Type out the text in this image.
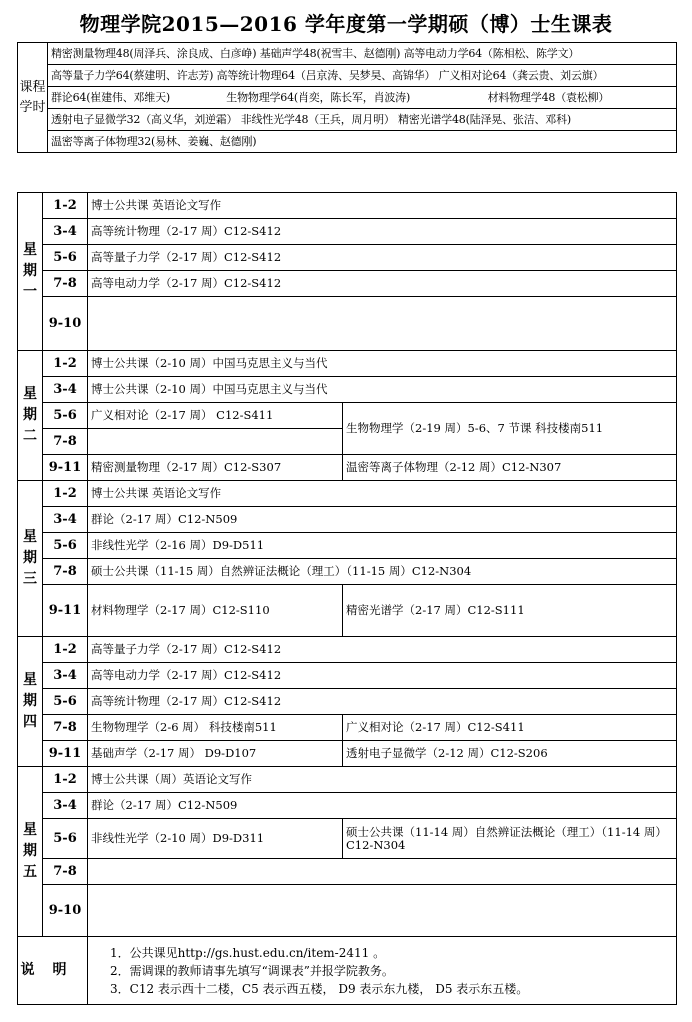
物理学院2015—2016 学年度第一学期硕（博）士生课表
课程学时	精密测量物理48(周泽兵、涂良成、白彦峥) 基础声学48(祝雪丰、赵德刚) 高等电动力学64（陈相松、陈学文）
高等量子力学64(蔡建明、许志芳) 高等统计物理64（吕京涛、吴梦昊、高锦华） 广义相对论64（龚云贵、刘云旗）
群论64(崔建伟、邓维天)	生物物理学64(肖奕，陈长军，肖波涛)	材料物理学48（袁松柳）
透射电子显微学32（高义华，刘逆霜） 非线性光学48（王兵，周月明） 精密光谱学48(陆泽晃、张洁、邓科)
温密等离子体物理32(易林、姜巍、赵德刚)
星期一	1-2	博士公共课 英语论文写作	
	3-4	高等统计物理（2-17 周）C12-S412	
	5-6	高等量子力学（2-17 周）C12-S412	
	7-8	高等电动力学（2-17 周）C12-S412	
	9-10		
星期二	1-2	博士公共课（2-10 周）中国马克思主义与当代	
	3-4	博士公共课（2-10 周）中国马克思主义与当代	
	5-6	广义相对论（2-17 周） C12-S411	生物物理学（2-19 周）5-6、7 节课 科技楼南511
	7-8		
	9-11	精密测量物理（2-17 周）C12-S307	温密等离子体物理（2-12 周）C12-N307
星期三	1-2	博士公共课 英语论文写作	
	3-4	群论（2-17 周）C12-N509	
	5-6	非线性光学（2-16 周）D9-D511	
	7-8	硕士公共课（11-15 周）自然辨证法概论（理工）（11-15 周）C12-N304	
	9-11	材料物理学（2-17 周）C12-S110	精密光谱学（2-17 周）C12-S111
星期四	1-2	高等量子力学（2-17 周）C12-S412	
	3-4	高等电动力学（2-17 周）C12-S412	
	5-6	高等统计物理（2-17 周）C12-S412	
	7-8	生物物理学（2-6 周） 科技楼南511	广义相对论（2-17 周）C12-S411
	9-11	基础声学（2-17 周） D9-D107	透射电子显微学（2-12 周）C12-S206
星期五	1-2	博士公共课（周）英语论文写作	
	3-4	群论（2-17 周）C12-N509	
	5-6	非线性光学（2-10 周）D9-D311	硕士公共课（11-14 周）自然辨证法概论（理工）（11-14 周）C12-N304
	7-8		
	9-10		
说明		1．公共课见http://gs.hust.edu.cn/item-2411 。
2．需调课的教师请事先填写“调课表”并报学院教务。
3．C12 表示西十二楼，C5 表示西五楼， D9 表示东九楼， D5 表示东五楼。	
